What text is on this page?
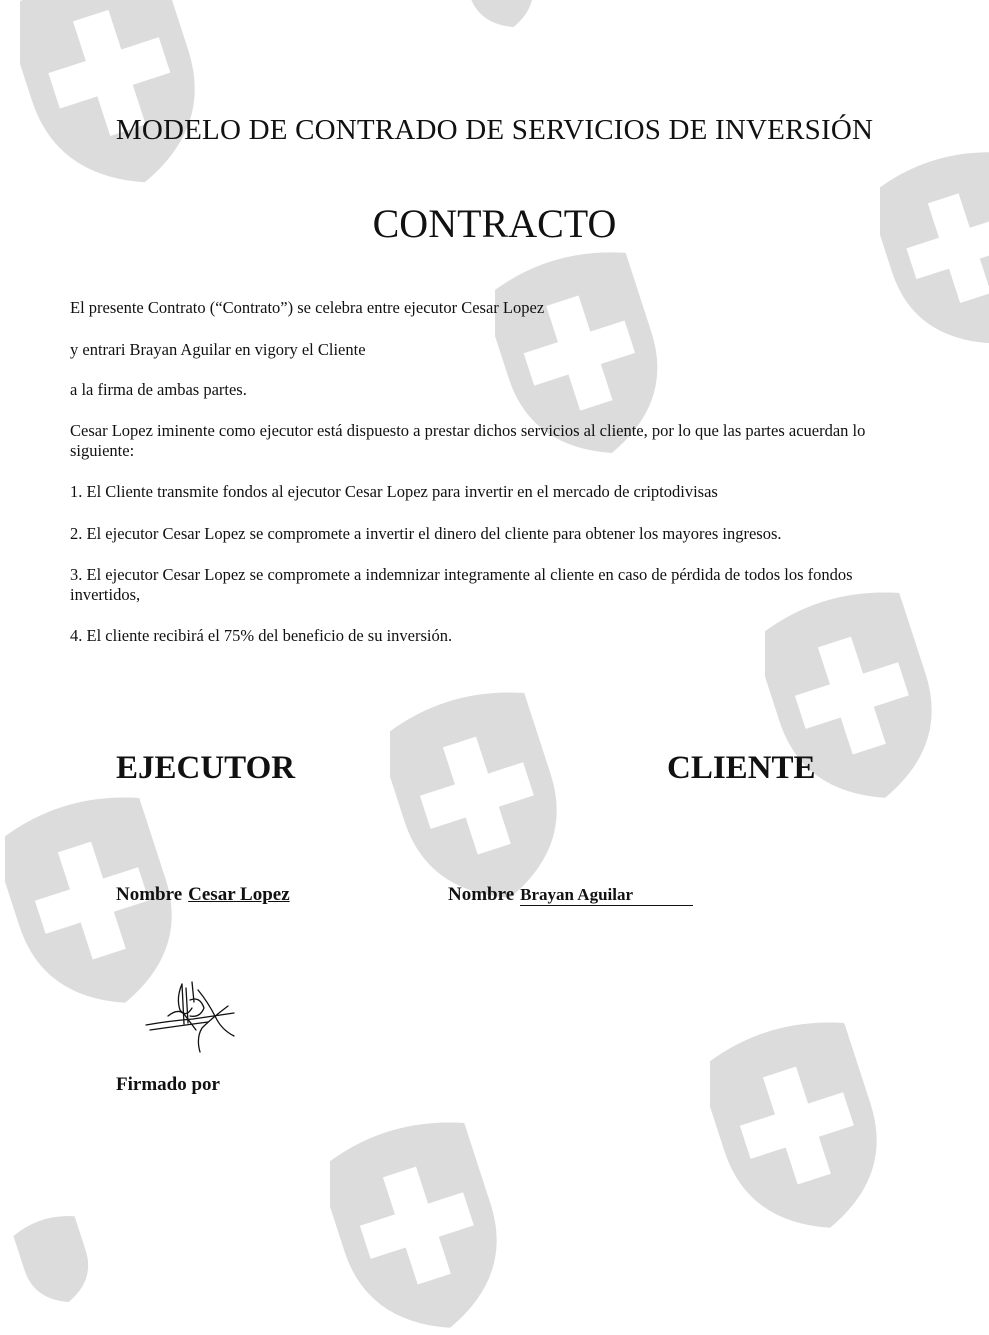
MODELO DE CONTRADO DE SERVICIOS DE INVERSIÓN
CONTRACTO

El presente Contrato (“Contrato”) se celebra entre ejecutor Cesar Lopez

y entrari Brayan Aguilar en vigory el Cliente

a la firma de ambas partes.

Cesar Lopez iminente como ejecutor está dispuesto a prestar dichos servicios al cliente, por lo que las partes acuerdan lo siguiente:

1. El Cliente transmite fondos al ejecutor Cesar Lopez para invertir en el mercado de criptodivisas

2. El ejecutor Cesar Lopez se compromete a invertir el dinero del cliente para obtener los mayores ingresos.

3. El ejecutor Cesar Lopez se compromete a indemnizar integramente al cliente en caso de pérdida de todos los fondos invertidos,

4. El cliente recibirá el 75% del beneficio de su inversión.

EJECUTOR	CLIENTE

Nombre Cesar Lopez	Nombre Brayan Aguilar

Firmado por
